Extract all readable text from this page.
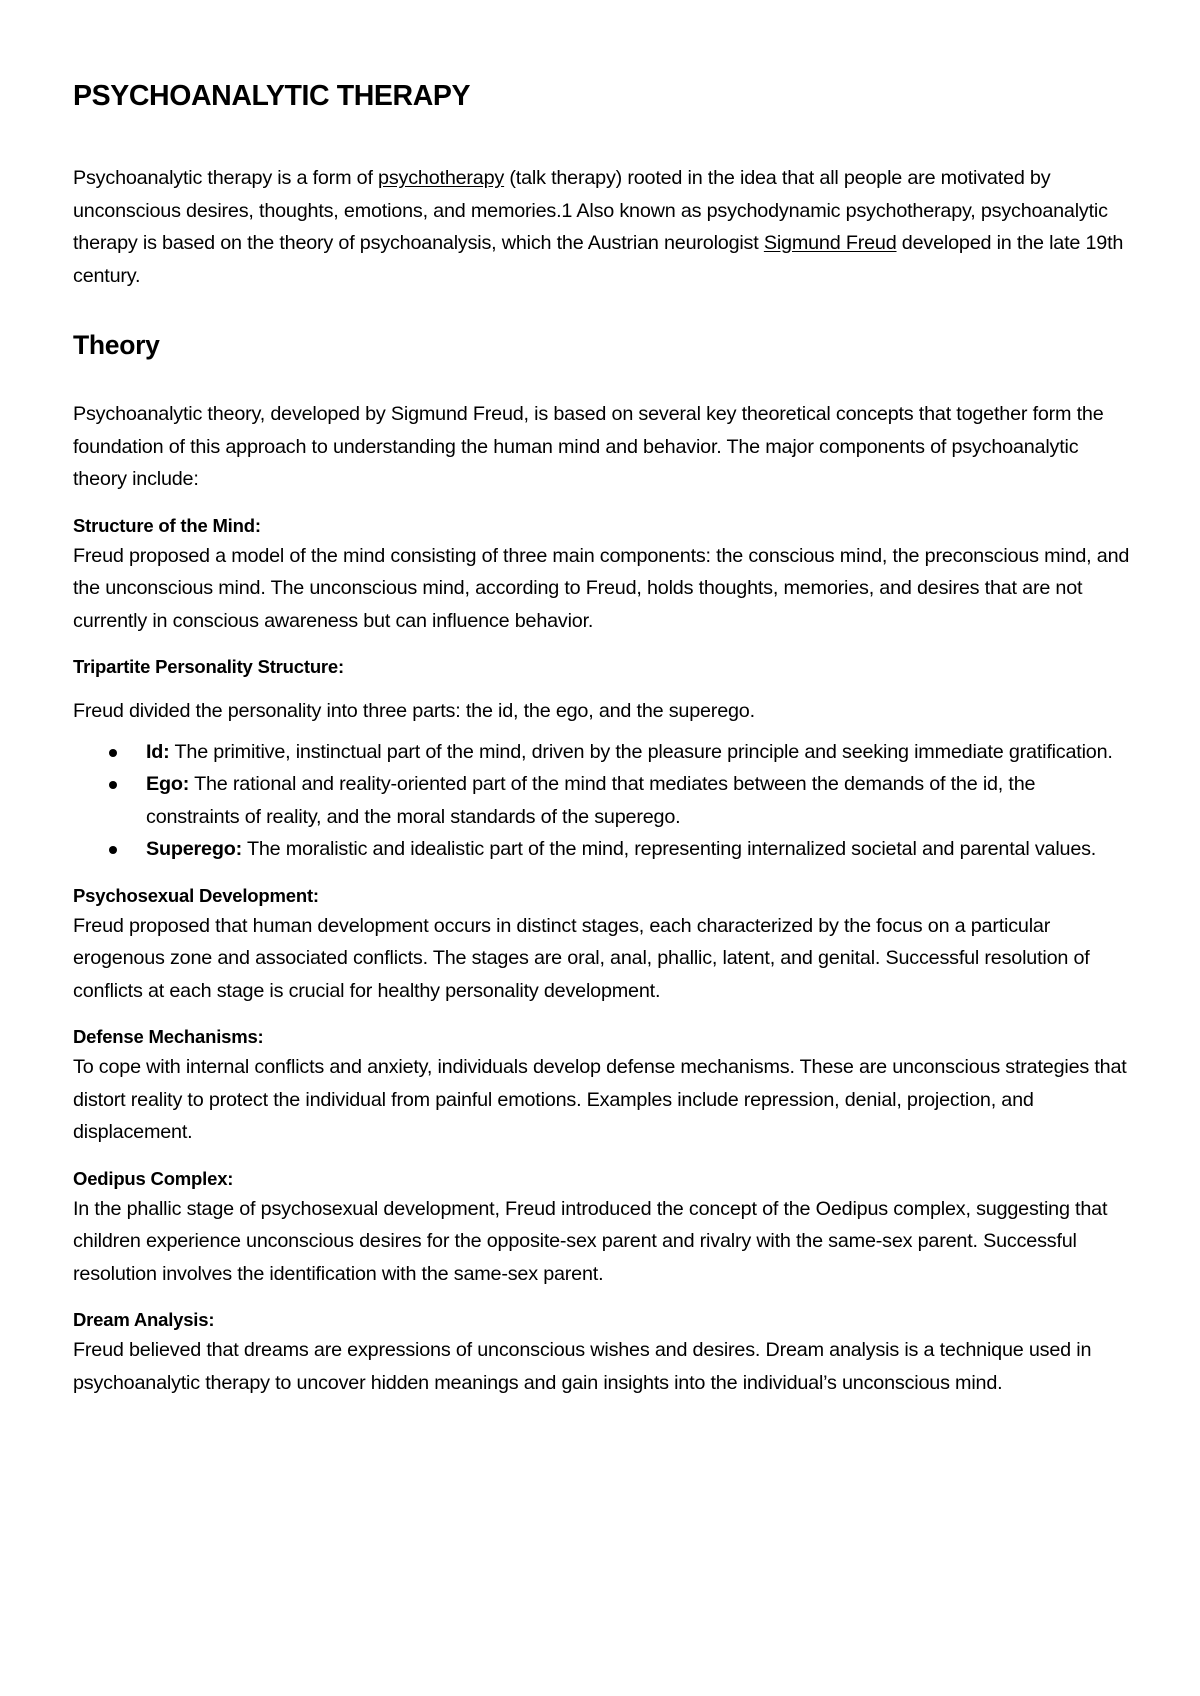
PSYCHOANALYTIC THERAPY

Psychoanalytic therapy is a form of psychotherapy (talk therapy) rooted in the idea that all people are motivated by unconscious desires, thoughts, emotions, and memories.1 Also known as psychodynamic psychotherapy, psychoanalytic therapy is based on the theory of psychoanalysis, which the Austrian neurologist Sigmund Freud developed in the late 19th century.

Theory

Psychoanalytic theory, developed by Sigmund Freud, is based on several key theoretical concepts that together form the foundation of this approach to understanding the human mind and behavior. The major components of psychoanalytic theory include:

Structure of the Mind:

Freud proposed a model of the mind consisting of three main components: the conscious mind, the preconscious mind, and the unconscious mind. The unconscious mind, according to Freud, holds thoughts, memories, and desires that are not currently in conscious awareness but can influence behavior.

Tripartite Personality Structure:

Freud divided the personality into three parts: the id, the ego, and the superego.

Id: The primitive, instinctual part of the mind, driven by the pleasure principle and seeking immediate gratification.
Ego: The rational and reality-oriented part of the mind that mediates between the demands of the id, the constraints of reality, and the moral standards of the superego.
Superego: The moralistic and idealistic part of the mind, representing internalized societal and parental values.

Psychosexual Development:

Freud proposed that human development occurs in distinct stages, each characterized by the focus on a particular erogenous zone and associated conflicts. The stages are oral, anal, phallic, latent, and genital. Successful resolution of conflicts at each stage is crucial for healthy personality development.

Defense Mechanisms:

To cope with internal conflicts and anxiety, individuals develop defense mechanisms. These are unconscious strategies that distort reality to protect the individual from painful emotions. Examples include repression, denial, projection, and displacement.

Oedipus Complex:

In the phallic stage of psychosexual development, Freud introduced the concept of the Oedipus complex, suggesting that children experience unconscious desires for the opposite-sex parent and rivalry with the same-sex parent. Successful resolution involves the identification with the same-sex parent.

Dream Analysis:

Freud believed that dreams are expressions of unconscious wishes and desires. Dream analysis is a technique used in psychoanalytic therapy to uncover hidden meanings and gain insights into the individual’s unconscious mind.
